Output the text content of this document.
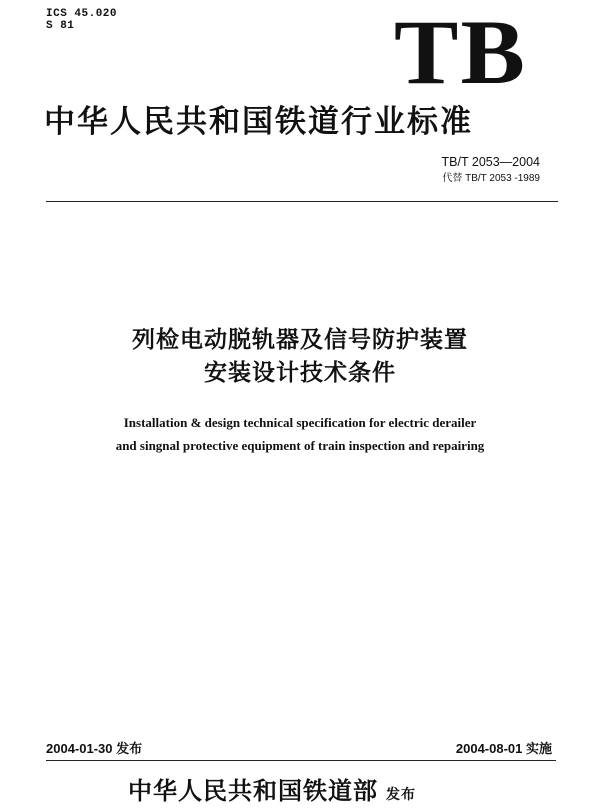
ICS 45.020
S 81	TB
中华人民共和国铁道行业标准
TB/T 2053—2004
代替 TB/T 2053 -1989
列检电动脱轨器及信号防护装置
安装设计技术条件
Installation & design technical specification for electric derailer
and singnal protective equipment of train inspection and repairing
2004-01-30 发布	2004-08-01 实施
中华人民共和国铁道部 发布
